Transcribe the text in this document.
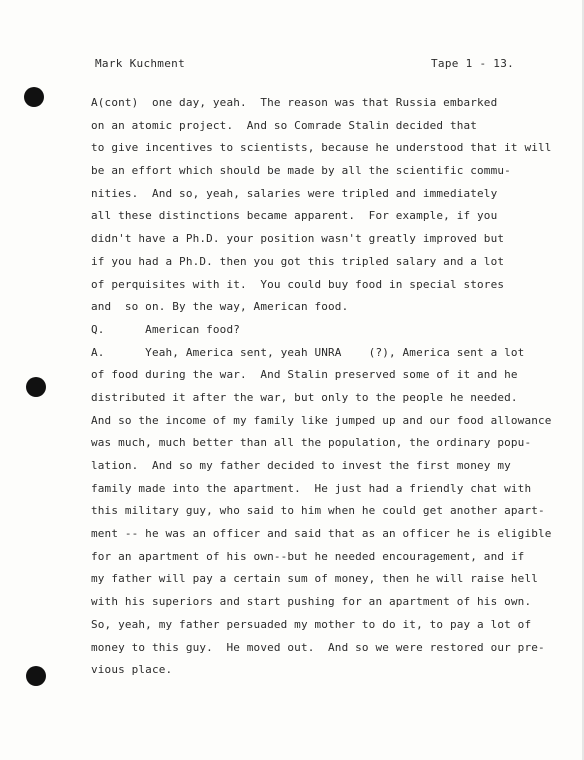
Mark Kuchment	Tape 1 - 13.
A(cont)  one day, yeah.  The reason was that Russia embarked
on an atomic project.  And so Comrade Stalin decided that
to give incentives to scientists, because he understood that it will
be an effort which should be made by all the scientific commu-
nities.  And so, yeah, salaries were tripled and immediately
all these distinctions became apparent.  For example, if you
didn't have a Ph.D. your position wasn't greatly improved but
if you had a Ph.D. then you got this tripled salary and a lot
of perquisites with it.  You could buy food in special stores
and  so on. By the way, American food.
Q.      American food?
A.      Yeah, America sent, yeah UNRA    (?), America sent a lot
of food during the war.  And Stalin preserved some of it and he
distributed it after the war, but only to the people he needed.
And so the income of my family like jumped up and our food allowance
was much, much better than all the population, the ordinary popu-
lation.  And so my father decided to invest the first money my
family made into the apartment.  He just had a friendly chat with
this military guy, who said to him when he could get another apart-
ment -- he was an officer and said that as an officer he is eligible
for an apartment of his own--but he needed encouragement, and if
my father will pay a certain sum of money, then he will raise hell
with his superiors and start pushing for an apartment of his own.
So, yeah, my father persuaded my mother to do it, to pay a lot of
money to this guy.  He moved out.  And so we were restored our pre-
vious place.
